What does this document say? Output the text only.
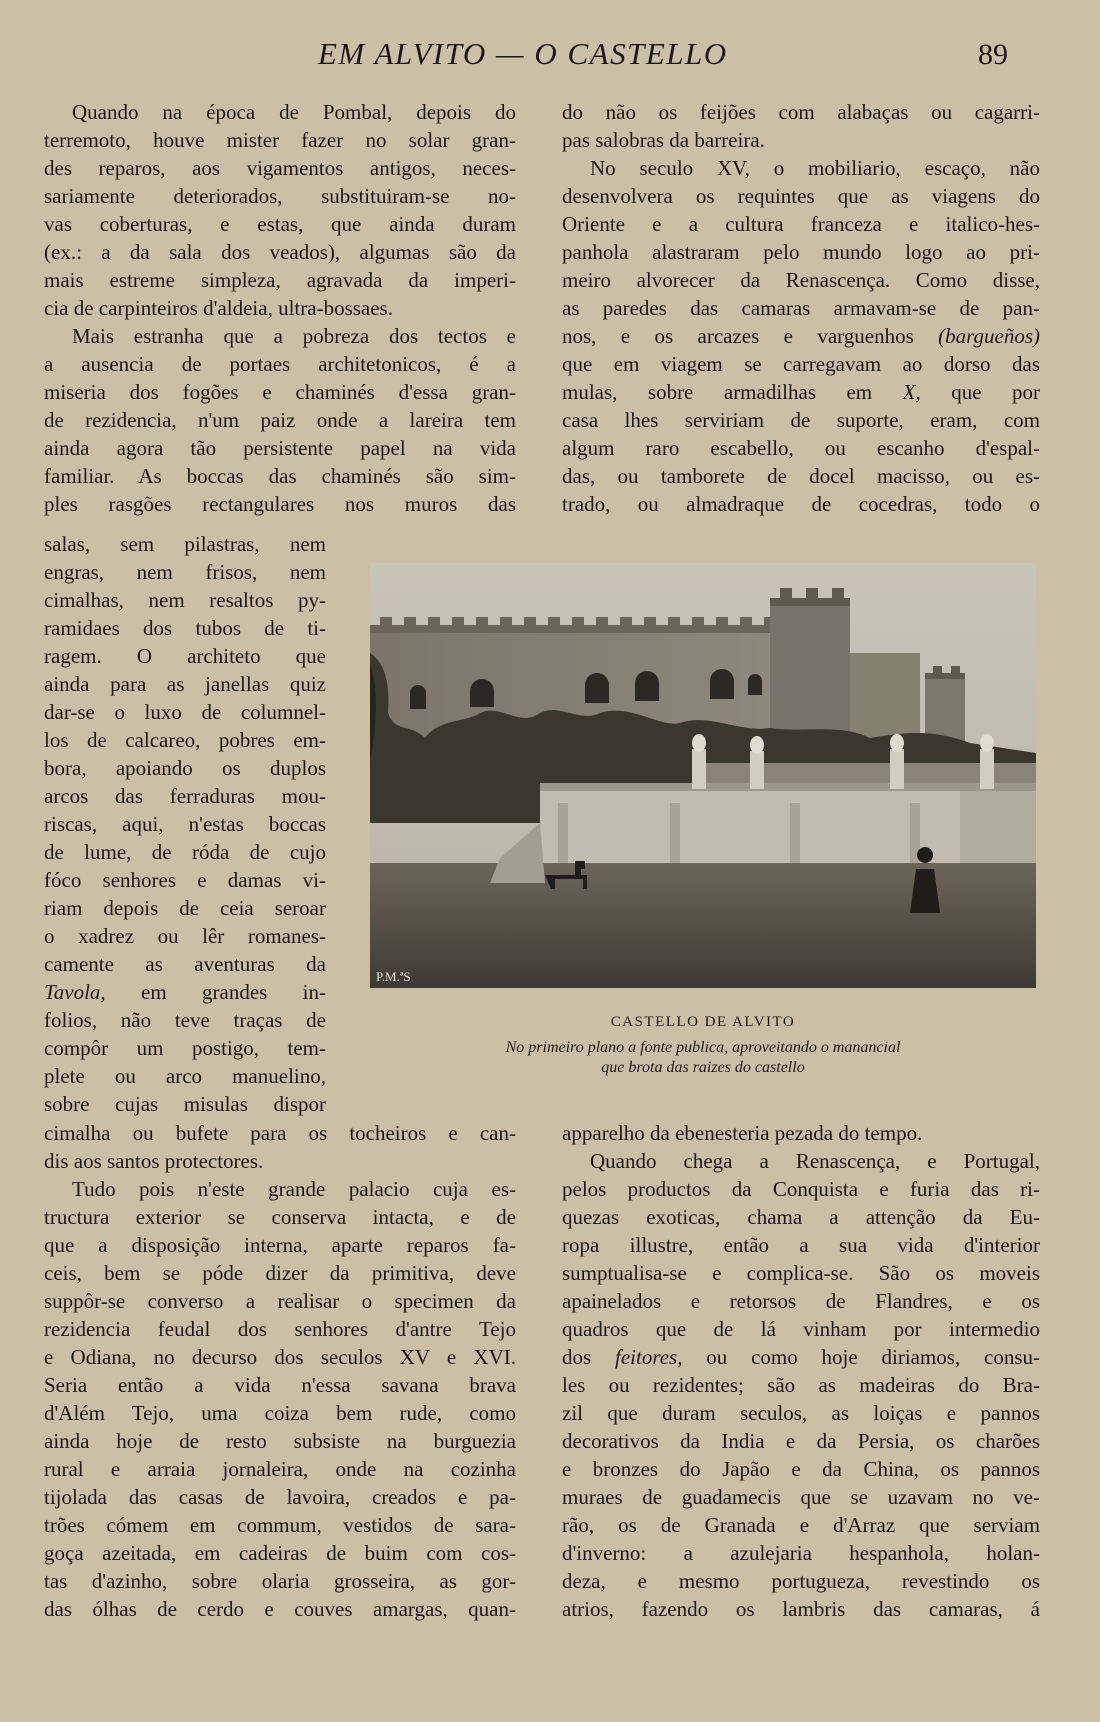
EM ALVITO — O CASTELLO	89
Quando na época de Pombal, depois do
terremoto, houve mister fazer no solar gran-
des reparos, aos vigamentos antigos, neces-
sariamente deteriorados, substituiram-se no-
vas coberturas, e estas, que ainda duram
(ex.: a da sala dos veados), algumas são da
mais estreme simpleza, agravada da imperi-
cia de carpinteiros d'aldeia, ultra-bossaes.
Mais estranha que a pobreza dos tectos e
a ausencia de portaes architetonicos, é a
miseria dos fogões e chaminés d'essa gran-
de rezidencia, n'um paiz onde a lareira tem
ainda agora tão persistente papel na vida
familiar. As boccas das chaminés são sim-
ples rasgões rectangulares nos muros das
salas, sem pilastras, nem
engras, nem frisos, nem
cimalhas, nem resaltos py-
ramidaes dos tubos de ti-
ragem. O architeto que
ainda para as janellas quiz
dar-se o luxo de columnel-
los de calcareo, pobres em-
bora, apoiando os duplos
arcos das ferraduras mou-
riscas, aqui, n'estas boccas
de lume, de róda de cujo
fóco senhores e damas vi-
riam depois de ceia seroar
o xadrez ou lêr romanes-
camente as aventuras da
Tavola, em grandes in-
folios, não teve traças de
compôr um postigo, tem-
plete ou arco manuelino,
sobre cujas misulas dispor
cimalha ou bufete para os tocheiros e can-
dis aos santos protectores.
Tudo pois n'este grande palacio cuja es-
tructura exterior se conserva intacta, e de
que a disposição interna, aparte reparos fa-
ceis, bem se póde dizer da primitiva, deve
suppôr-se converso a realisar o specimen da
rezidencia feudal dos senhores d'antre Tejo
e Odiana, no decurso dos seculos XV e XVI.
Seria então a vida n'essa savana brava
d'Além Tejo, uma coiza bem rude, como
ainda hoje de resto subsiste na burguezia
rural e arraia jornaleira, onde na cozinha
tijolada das casas de lavoira, creados e pa-
trões cómem em commum, vestidos de sara-
goça azeitada, em cadeiras de buim com cos-
tas d'azinho, sobre olaria grosseira, as gor-
das ólhas de cerdo e couves amargas, quan-
do não os feijões com alabaças ou cagarri-
pas salobras da barreira.
No seculo XV, o mobiliario, escaço, não
desenvolvera os requintes que as viagens do
Oriente e a cultura franceza e italico-hes-
panhola alastraram pelo mundo logo ao pri-
meiro alvorecer da Renascença. Como disse,
as paredes das camaras armavam-se de pan-
nos, e os arcazes e varguenhos (bargueños)
que em viagem se carregavam ao dorso das
mulas, sobre armadilhas em X, que por
casa lhes serviriam de suporte, eram, com
algum raro escabello, ou escanho d'espal-
das, ou tamborete de docel macisso, ou es-
trado, ou almadraque de cocedras, todo o
apparelho da ebenesteria pezada do tempo.
Quando chega a Renascença, e Portugal,
pelos productos da Conquista e furia das ri-
quezas exoticas, chama a attenção da Eu-
ropa illustre, então a sua vida d'interior
sumptualisa-se e complica-se. São os moveis
apainelados e retorsos de Flandres, e os
quadros que de lá vinham por intermedio
dos feitores, ou como hoje diriamos, consu-
les ou rezidentes; são as madeiras do Bra-
zil que duram seculos, as loiças e pannos
decorativos da India e da Persia, os charões
e bronzes do Japão e da China, os pannos
muraes de guadamecis que se uzavam no ve-
rão, os de Granada e d'Arraz que serviam
d'inverno: a azulejaria hespanhola, holan-
deza, e mesmo portugueza, revestindo os
atrios, fazendo os lambris das camaras, á
P.M.ªS
CASTELLO DE ALVITO
No primeiro plano a fonte publica, aproveitando o manancial
que brota das raizes do castello
